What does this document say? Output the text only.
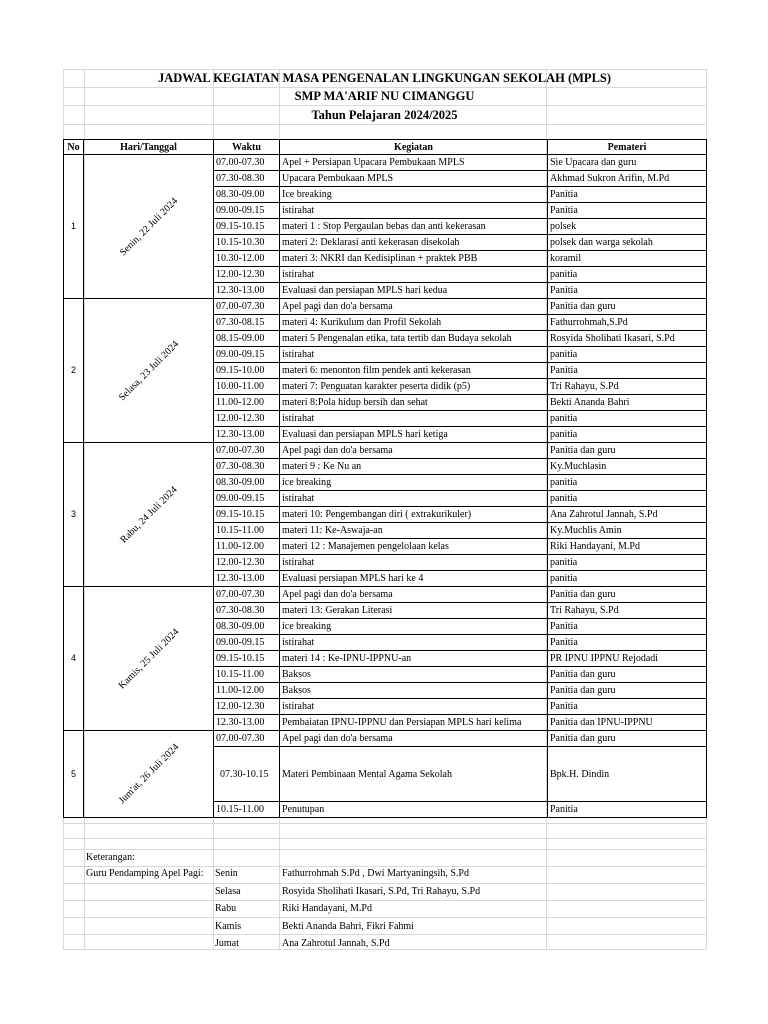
JADWAL KEGIATAN MASA PENGENALAN LINGKUNGAN SEKOLAH (MPLS)
SMP MA'ARIF NU CIMANGGU
Tahun Pelajaran 2024/2025
No	Hari/Tanggal	Waktu	Kegiatan	Pemateri
1	Senin, 22 Juli 2024	07.00-07.30	Apel + Persiapan Upacara Pembukaan MPLS	Sie Upacara dan guru
		07.30-08.30	Upacara Pembukaan MPLS	Akhmad Sukron Arifin, M.Pd
		08.30-09.00	Ice breaking	Panitia
		09.00-09.15	istirahat	Panitia
		09.15-10.15	materi 1 : Stop Pergaulan bebas dan anti kekerasan	polsek
		10.15-10.30	materi 2: Deklarasi anti kekerasan disekolah	polsek dan warga sekolah
		10.30-12.00	materi 3: NKRI dan Kedisiplinan + praktek PBB	koramil
		12.00-12.30	istirahat	panitia
		12.30-13.00	Evaluasi dan persiapan MPLS hari kedua	Panitia
2	Selasa, 23 Juli 2024	07.00-07.30	Apel pagi dan do'a bersama	Panitia dan guru
		07.30-08.15	materi 4: Kurikulum dan Profil Sekolah	Fathurrohmah,S.Pd
		08.15-09.00	materi 5 Pengenalan etika, tata tertib dan Budaya sekolah	Rosyida Sholihati Ikasari, S.Pd
		09.00-09.15	istirahat	panitia
		09.15-10.00	materi 6: menonton film pendek anti kekerasan	Panitia
		10.00-11.00	materi 7: Penguatan karakter peserta didik (p5)	Tri Rahayu, S.Pd
		11.00-12.00	materi 8:Pola hidup bersih dan sehat	Bekti Ananda Bahri
		12.00-12.30	istirahat	panitia
		12.30-13.00	Evaluasi dan persiapan MPLS hari ketiga	panitia
3	Rabu, 24 Juli 2024	07.00-07.30	Apel pagi dan do'a bersama	Panitia dan guru
		07.30-08.30	materi 9 : Ke Nu an	Ky.Muchlasin
		08.30-09.00	ice breaking	panitia
		09.00-09.15	istirahat	panitia
		09.15-10.15	materi 10: Pengembangan diri ( extrakurikuler)	Ana Zahrotul Jannah, S.Pd
		10.15-11.00	materi 11: Ke-Aswaja-an	Ky.Muchlis Amin
		11.00-12.00	materi 12 : Manajemen pengelolaan kelas	Riki Handayani, M.Pd
		12.00-12.30	istirahat	panitia
		12.30-13.00	Evaluasi persiapan MPLS hari ke 4	panitia
4	Kamis, 25 Juli 2024	07.00-07.30	Apel pagi dan do'a bersama	Panitia dan guru
		07.30-08.30	materi 13: Gerakan Literasi	Tri Rahayu, S.Pd
		08.30-09.00	ice breaking	Panitia
		09.00-09.15	istirahat	Panitia
		09.15-10.15	materi 14 : Ke-IPNU-IPPNU-an	PR IPNU IPPNU Rejodadi
		10.15-11.00	Baksos	Panitia dan guru
		11.00-12.00	Baksos	Panitia dan guru
		12.00-12.30	istirahat	Panitia
		12.30-13.00	Pembaiatan IPNU-IPPNU dan Persiapan MPLS hari kelima	Panitia dan IPNU-IPPNU
5	Jum'at, 26 Juli 2024	07.00-07.30	Apel pagi dan do'a bersama	Panitia dan guru
		07.30-10.15	Materi Pembinaan Mental Agama Sekolah	Bpk.H. Dindin
		10.15-11.00	Penutupan	Panitia
Keterangan:
Guru Pendamping Apel Pagi: Senin	Fathurrohmah S.Pd , Dwi Martyaningsih, S.Pd
Selasa	Rosyida Sholihati Ikasari, S.Pd, Tri Rahayu, S.Pd
Rabu	Riki Handayani, M.Pd
Kamis	Bekti Ananda Bahri, Fikri Fahmi
Jumat	Ana Zahrotul Jannah, S.Pd
